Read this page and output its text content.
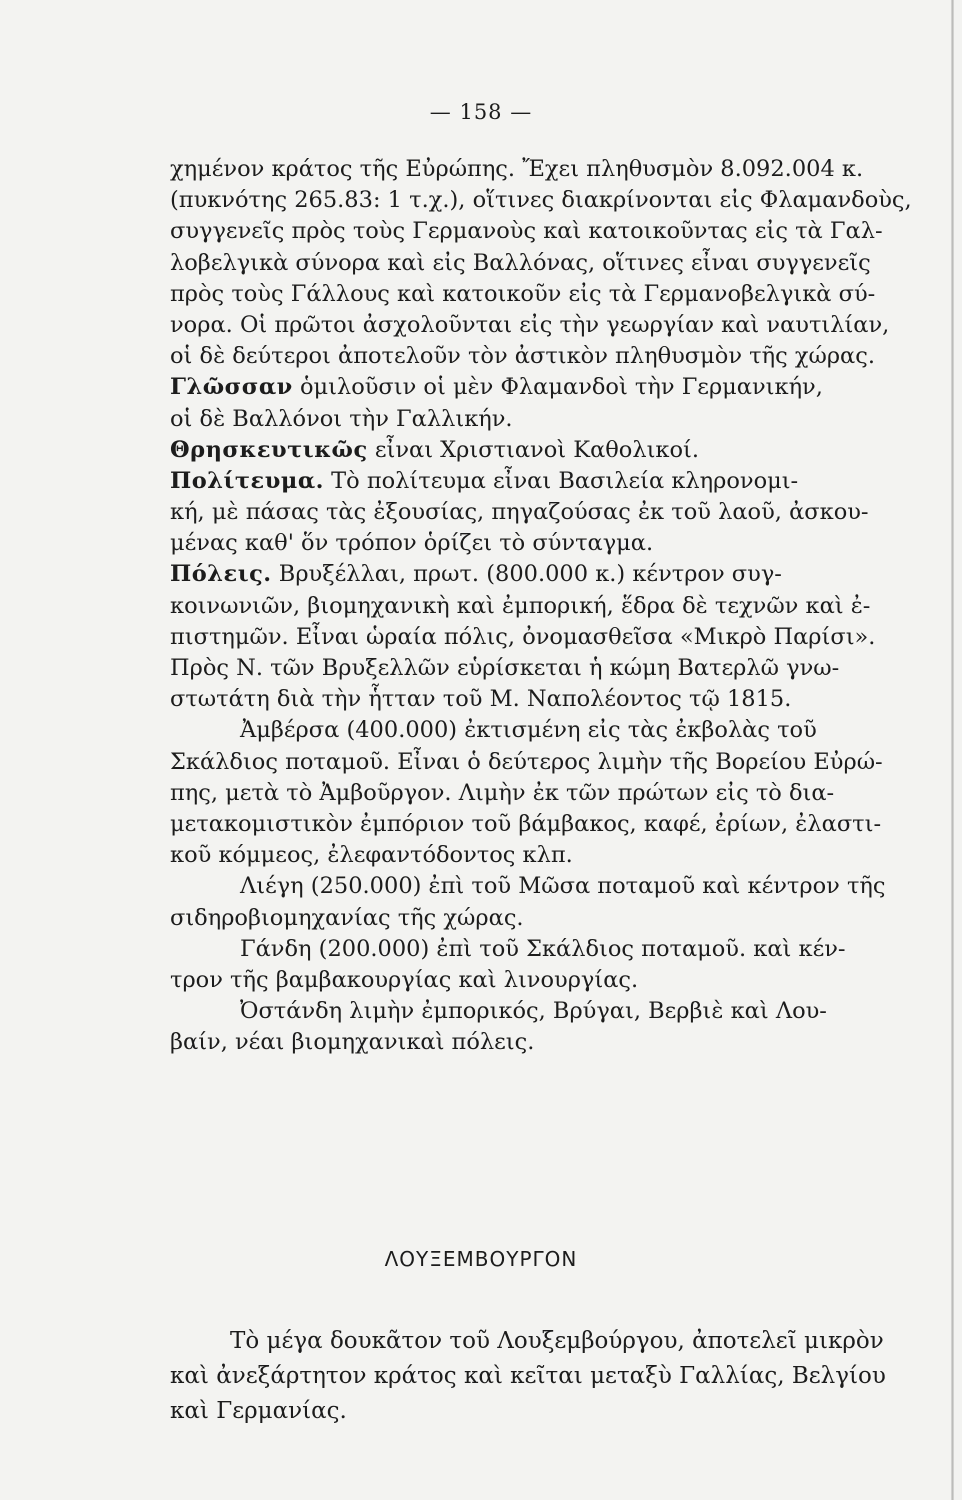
— 158 —
χημένον κράτος τῆς Εὐρώπης. Ἔχει πληθυσμὸν 8.092.004 κ.
(πυκνότης 265.83: 1 τ.χ.), οἵτινες διακρίνονται εἰς Φλαμανδοὺς,
συγγενεῖς πρὸς τοὺς Γερμανοὺς καὶ κατοικοῦντας εἰς τὰ Γαλ-
λοβελγικὰ σύνορα καὶ εἰς Βαλλόνας, οἵτινες εἶναι συγγενεῖς
πρὸς τοὺς Γάλλους καὶ κατοικοῦν εἰς τὰ Γερμανοβελγικὰ σύ-
νορα. Οἱ πρῶτοι ἀσχολοῦνται εἰς τὴν γεωργίαν καὶ ναυτιλίαν,
οἱ δὲ δεύτεροι ἀποτελοῦν τὸν ἀστικὸν πληθυσμὸν τῆς χώρας.
Γλῶσσαν ὁμιλοῦσιν οἱ μὲν Φλαμανδοὶ τὴν Γερμανικήν,
οἱ δὲ Βαλλόνοι τὴν Γαλλικήν.
Θρησκευτικῶς εἶναι Χριστιανοὶ Καθολικοί.
Πολίτευμα. Τὸ πολίτευμα εἶναι Βασιλεία κληρονομι-
κή, μὲ πάσας τὰς ἐξουσίας, πηγαζούσας ἐκ τοῦ λαοῦ, ἀσκου-
μένας καθ' ὅν τρόπον ὁρίζει τὸ σύνταγμα.
Πόλεις. Βρυξέλλαι, πρωτ. (800.000 κ.) κέντρον συγ-
κοινωνιῶν, βιομηχανικὴ καὶ ἐμπορική, ἕδρα δὲ τεχνῶν καὶ ἐ-
πιστημῶν. Εἶναι ὡραία πόλις, ὀνομασθεῖσα «Μικρὸ Παρίσι».
Πρὸς Ν. τῶν Βρυξελλῶν εὑρίσκεται ἡ κώμη Βατερλῶ γνω-
στωτάτη διὰ τὴν ἧτταν τοῦ Μ. Ναπολέοντος τῷ 1815.
Ἀμβέρσα (400.000) ἐκτισμένη εἰς τὰς ἐκβολὰς τοῦ
Σκάλδιος ποταμοῦ. Εἶναι ὁ δεύτερος λιμὴν τῆς Βορείου Εὐρώ-
πης, μετὰ τὸ Ἀμβοῦργον. Λιμὴν ἐκ τῶν πρώτων εἰς τὸ δια-
μετακομιστικὸν ἐμπόριον τοῦ βάμβακος, καφέ, ἐρίων, ἐλαστι-
κοῦ κόμμεος, ἐλεφαντόδοντος κλπ.
Λιέγη (250.000) ἐπὶ τοῦ Μῶσα ποταμοῦ καὶ κέντρον τῆς
σιδηροβιομηχανίας τῆς χώρας.
Γάνδη (200.000) ἐπὶ τοῦ Σκάλδιος ποταμοῦ. καὶ κέν-
τρον τῆς βαμβακουργίας καὶ λινουργίας.
Ὀστάνδη λιμὴν ἐμπορικός, Βρύγαι, Βερβιὲ καὶ Λου-
βαίν, νέαι βιομηχανικαὶ πόλεις.
ΛΟΥΞΕΜΒΟΥΡΓΟΝ
Τὸ μέγα δουκᾶτον τοῦ Λουξεμβούργου, ἀποτελεῖ μικρὸν
καὶ ἀνεξάρτητον κράτος καὶ κεῖται μεταξὺ Γαλλίας, Βελγίου
καὶ Γερμανίας.
